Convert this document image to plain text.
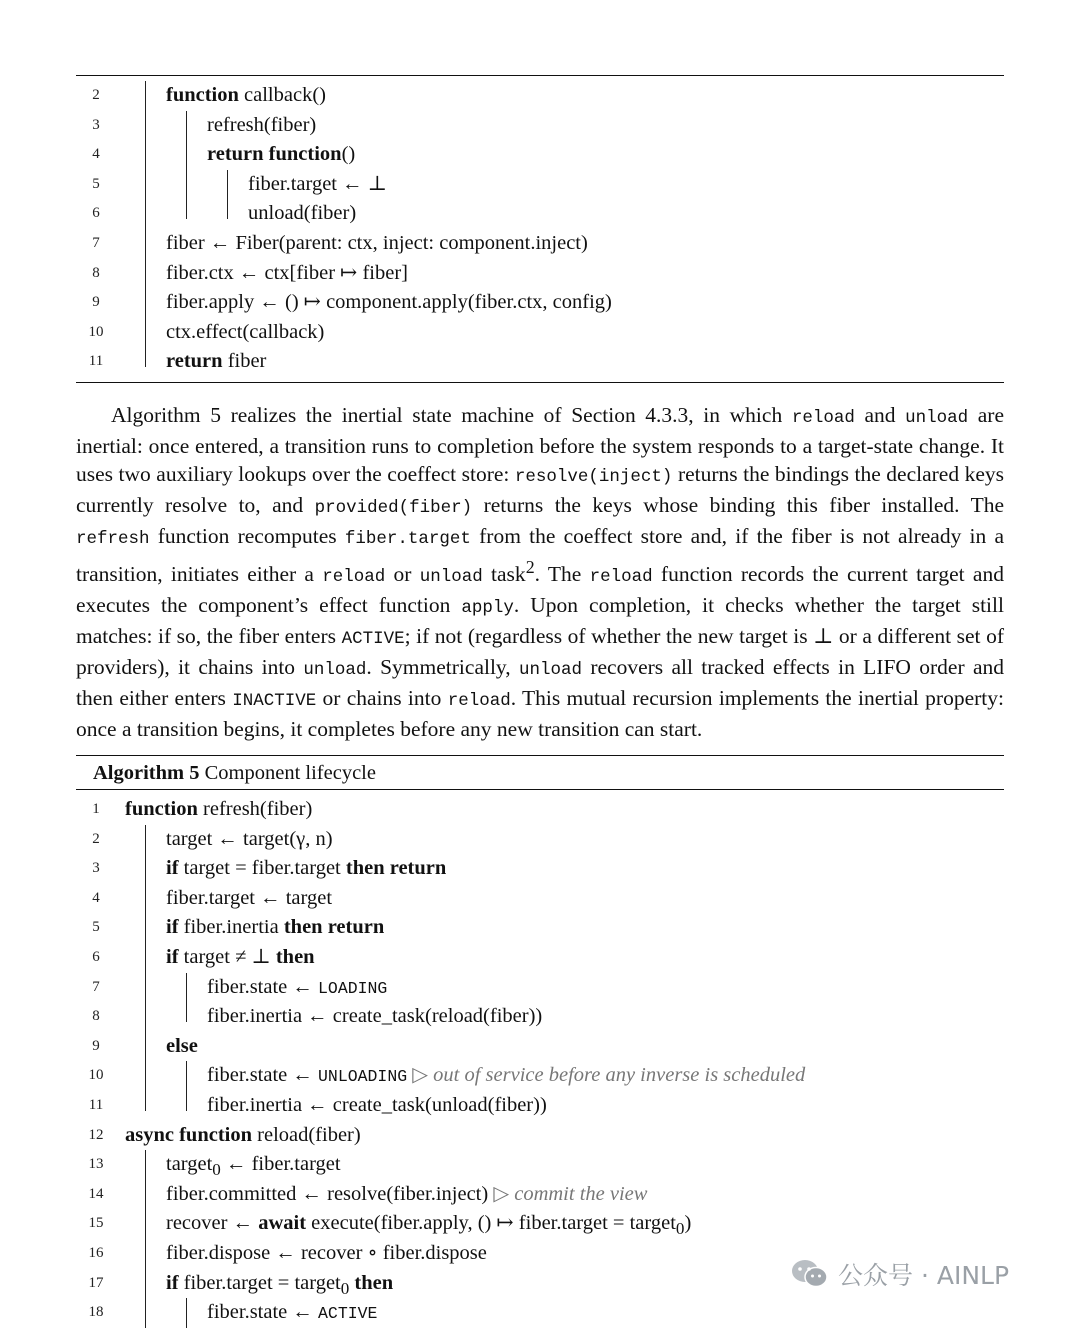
2	function callback()
3	refresh(fiber)
4	return function()
5	fiber.target ← ⊥
6	unload(fiber)
7	fiber ← Fiber(parent: ctx, inject: component.inject)
8	fiber.ctx ← ctx[fiber ↦ fiber]
9	fiber.apply ← () ↦ component.apply(fiber.ctx, config)
10	ctx.effect(callback)
11	return fiber

Algorithm 5 realizes the inertial state machine of Section 4.3.3, in which reload and unload are inertial: once entered, a transition runs to completion before the system responds to a target-state change. It uses two auxiliary lookups over the coeffect store: resolve(inject) returns the bindings the declared keys currently resolve to, and provided(fiber) returns the keys whose binding this fiber installed. The refresh function recomputes fiber.target from the coeffect store and, if the fiber is not already in a transition, initiates either a reload or unload task$^2$. The reload function records the current target and executes the component’s effect function apply. Upon completion, it checks whether the target still matches: if so, the fiber enters ACTIVE; if not (regardless of whether the new target is ⊥ or a different set of providers), it chains into unload. Symmetrically, unload recovers all tracked effects in LIFO order and then either enters INACTIVE or chains into reload. This mutual recursion implements the inertial property: once a transition begins, it completes before any new transition can start.

Algorithm 5 Component lifecycle
1	function refresh(fiber)
2	target ← target(γ, n)
3	if target = fiber.target then return
4	fiber.target ← target
5	if fiber.inertia then return
6	if target ≠ ⊥ then
7	fiber.state ← LOADING
8	fiber.inertia ← create_task(reload(fiber))
9	else
10	fiber.state ← UNLOADING ▷ out of service before any inverse is scheduled
11	fiber.inertia ← create_task(unload(fiber))
12	async function reload(fiber)
13	target$_0$ ← fiber.target
14	fiber.committed ← resolve(fiber.inject) ▷ commit the view
15	recover ← await execute(fiber.apply, () ↦ fiber.target = target$_0$)
16	fiber.dispose ← recover ∘ fiber.dispose
17	if fiber.target = target$_0$ then
18	fiber.state ← ACTIVE
公众号 · AINLP
